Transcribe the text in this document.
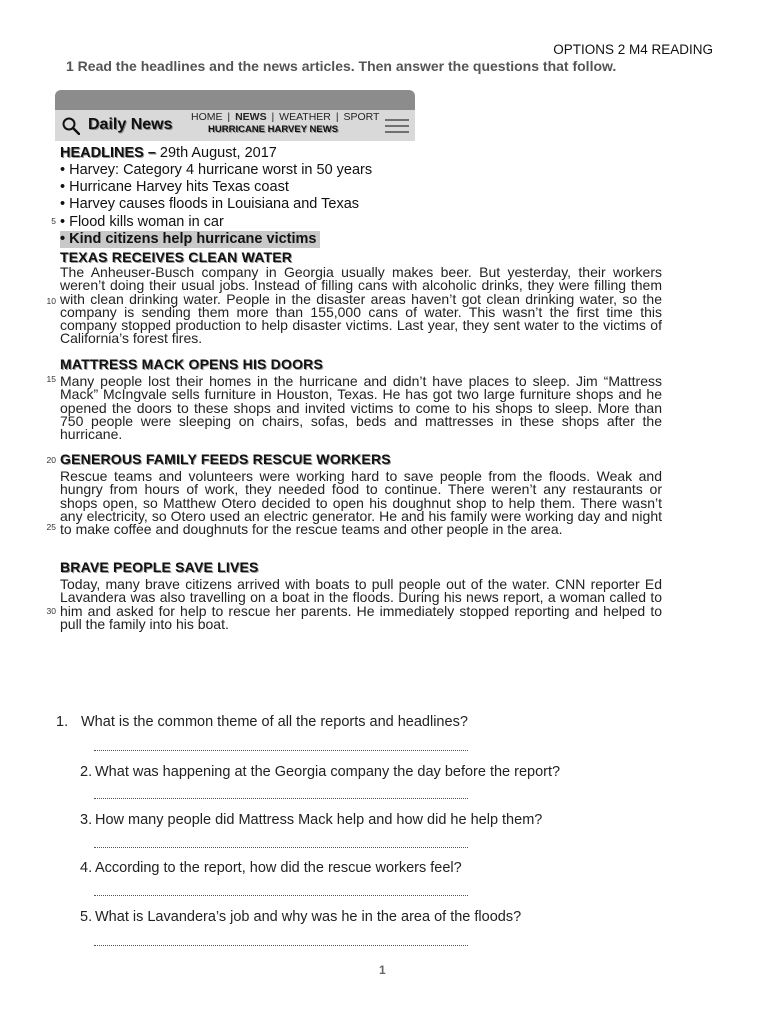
OPTIONS 2 M4 READING
1 Read the headlines and the news articles. Then answer the questions that follow.
Daily News HOME | NEWS | WEATHER | SPORT
HURRICANE HARVEY NEWS
HEADLINES – 29th August, 2017
• Harvey: Category 4 hurricane worst in 50 years
• Hurricane Harvey hits Texas coast
• Harvey causes floods in Louisiana and Texas
• Flood kills woman in car
• Kind citizens help hurricane victims
5
10
15
20
25
30
TEXAS RECEIVES CLEAN WATER

The Anheuser-Busch company in Georgia usually makes beer. But yesterday, their workers weren’t doing their usual jobs. Instead of filling cans with alcoholic drinks, they were filling them with clean drinking water. People in the disaster areas haven’t got clean drinking water, so the company is sending them more than 155,000 cans of water. This wasn’t the first time this company stopped production to help disaster victims. Last year, they sent water to the victims of California’s forest fires.

MATTRESS MACK OPENS HIS DOORS

Many people lost their homes in the hurricane and didn’t have places to sleep. Jim “Mattress Mack” McIngvale sells furniture in Houston, Texas. He has got two large furniture shops and he opened the doors to these shops and invited victims to come to his shops to sleep. More than 750 people were sleeping on chairs, sofas, beds and mattresses in these shops after the hurricane.

GENEROUS FAMILY FEEDS RESCUE WORKERS

Rescue teams and volunteers were working hard to save people from the floods. Weak and hungry from hours of work, they needed food to continue. There weren’t any restaurants or shops open, so Matthew Otero decided to open his doughnut shop to help them. There wasn’t any electricity, so Otero used an electric generator. He and his family were working day and night to make coffee and doughnuts for the rescue teams and other people in the area.

BRAVE PEOPLE SAVE LIVES

Today, many brave citizens arrived with boats to pull people out of the water. CNN reporter Ed Lavandera was also travelling on a boat in the floods. During his news report, a woman called to him and asked for help to rescue her parents. He immediately stopped reporting and helped to pull the family into his boat.

1. What is the common theme of all the reports and headlines?
2. What was happening at the Georgia company the day before the report?
3. How many people did Mattress Mack help and how did he help them?
4. According to the report, how did the rescue workers feel?
5. What is Lavandera’s job and why was he in the area of the floods?
1
